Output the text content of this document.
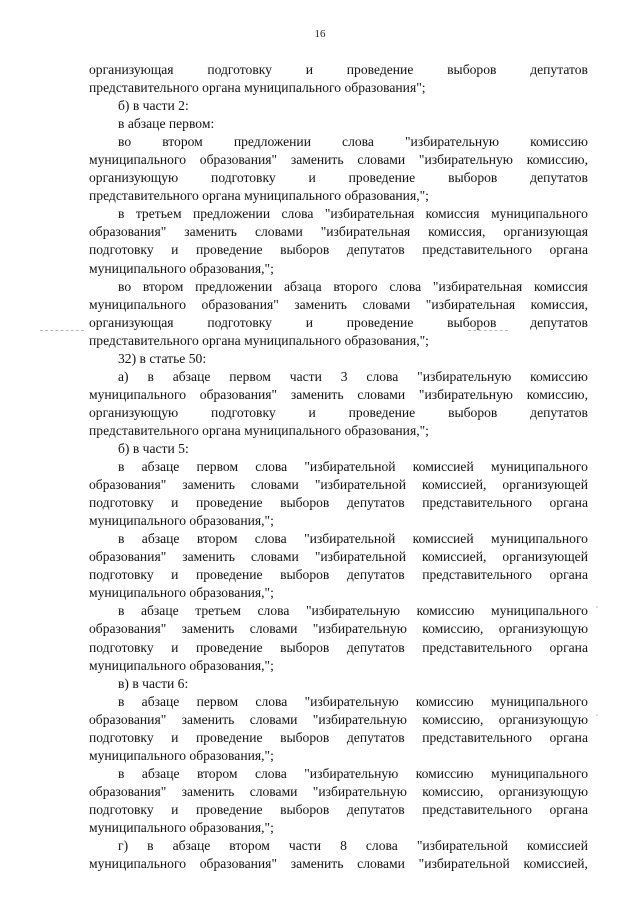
16
организующая подготовку и проведение выборов депутатов
представительного органа муниципального образования";
б) в части 2:
в абзаце первом:
во втором предложении слова "избирательную комиссию
муниципального образования" заменить словами "избирательную комиссию,
организующую подготовку и проведение выборов депутатов
представительного органа муниципального образования,";
в третьем предложении слова "избирательная комиссия муниципального
образования" заменить словами "избирательная комиссия, организующая
подготовку и проведение выборов депутатов представительного органа
муниципального образования,";
во втором предложении абзаца второго слова "избирательная комиссия
муниципального образования" заменить словами "избирательная комиссия,
организующая подготовку и проведение выборов депутатов
представительного органа муниципального образования,";
32) в статье 50:
а) в абзаце первом части 3 слова "избирательную комиссию
муниципального образования" заменить словами "избирательную комиссию,
организующую подготовку и проведение выборов депутатов
представительного органа муниципального образования,";
б) в части 5:
в абзаце первом слова "избирательной комиссией муниципального
образования" заменить словами "избирательной комиссией, организующей
подготовку и проведение выборов депутатов представительного органа
муниципального образования,";
в абзаце втором слова "избирательной комиссией муниципального
образования" заменить словами "избирательной комиссией, организующей
подготовку и проведение выборов депутатов представительного органа
муниципального образования,";
в абзаце третьем слова "избирательную комиссию муниципального
образования" заменить словами "избирательную комиссию, организующую
подготовку и проведение выборов депутатов представительного органа
муниципального образования,";
в) в части 6:
в абзаце первом слова "избирательную комиссию муниципального
образования" заменить словами "избирательную комиссию, организующую
подготовку и проведение выборов депутатов представительного органа
муниципального образования,";
в абзаце втором слова "избирательную комиссию муниципального
образования" заменить словами "избирательную комиссию, организующую
подготовку и проведение выборов депутатов представительного органа
муниципального образования,";
г) в абзаце втором части 8 слова "избирательной комиссией
муниципального образования" заменить словами "избирательной комиссией,
